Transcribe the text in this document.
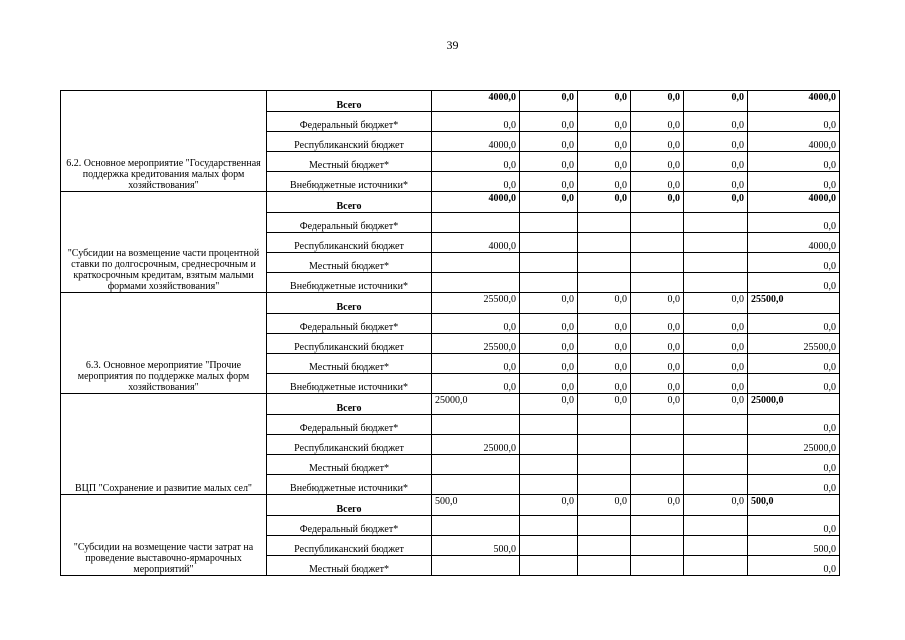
39
6.2. Основное мероприятие "Государственная поддержка кредитования малых форм хозяйствования"	Всего	4000,0	0,0	0,0	0,0	0,0	4000,0
	Федеральный бюджет*	0,0	0,0	0,0	0,0	0,0	0,0
	Республиканский бюджет	4000,0	0,0	0,0	0,0	0,0	4000,0
	Местный бюджет*	0,0	0,0	0,0	0,0	0,0	0,0
	Внебюджетные источники*	0,0	0,0	0,0	0,0	0,0	0,0
"Субсидии на возмещение части процентной ставки по долгосрочным, среднесрочным и краткосрочным кредитам, взятым малыми формами хозяйствования"	Всего	4000,0	0,0	0,0	0,0	0,0	4000,0
	Федеральный бюджет*						0,0
	Республиканский бюджет	4000,0					4000,0
	Местный бюджет*						0,0
	Внебюджетные источники*						0,0
6.3. Основное мероприятие "Прочие мероприятия по поддержке малых форм хозяйствования"	Всего	25500,0	0,0	0,0	0,0	0,0	25500,0
	Федеральный бюджет*	0,0	0,0	0,0	0,0	0,0	0,0
	Республиканский бюджет	25500,0	0,0	0,0	0,0	0,0	25500,0
	Местный бюджет*	0,0	0,0	0,0	0,0	0,0	0,0
	Внебюджетные источники*	0,0	0,0	0,0	0,0	0,0	0,0
ВЦП "Сохранение и развитие малых сел"	Всего	25000,0	0,0	0,0	0,0	0,0	25000,0
	Федеральный бюджет*						0,0
	Республиканский бюджет	25000,0					25000,0
	Местный бюджет*						0,0
	Внебюджетные источники*						0,0
"Субсидии на возмещение части затрат на проведение выставочно-ярмарочных мероприятий"	Всего	500,0	0,0	0,0	0,0	0,0	500,0
	Федеральный бюджет*						0,0
	Республиканский бюджет	500,0					500,0
	Местный бюджет*						0,0
